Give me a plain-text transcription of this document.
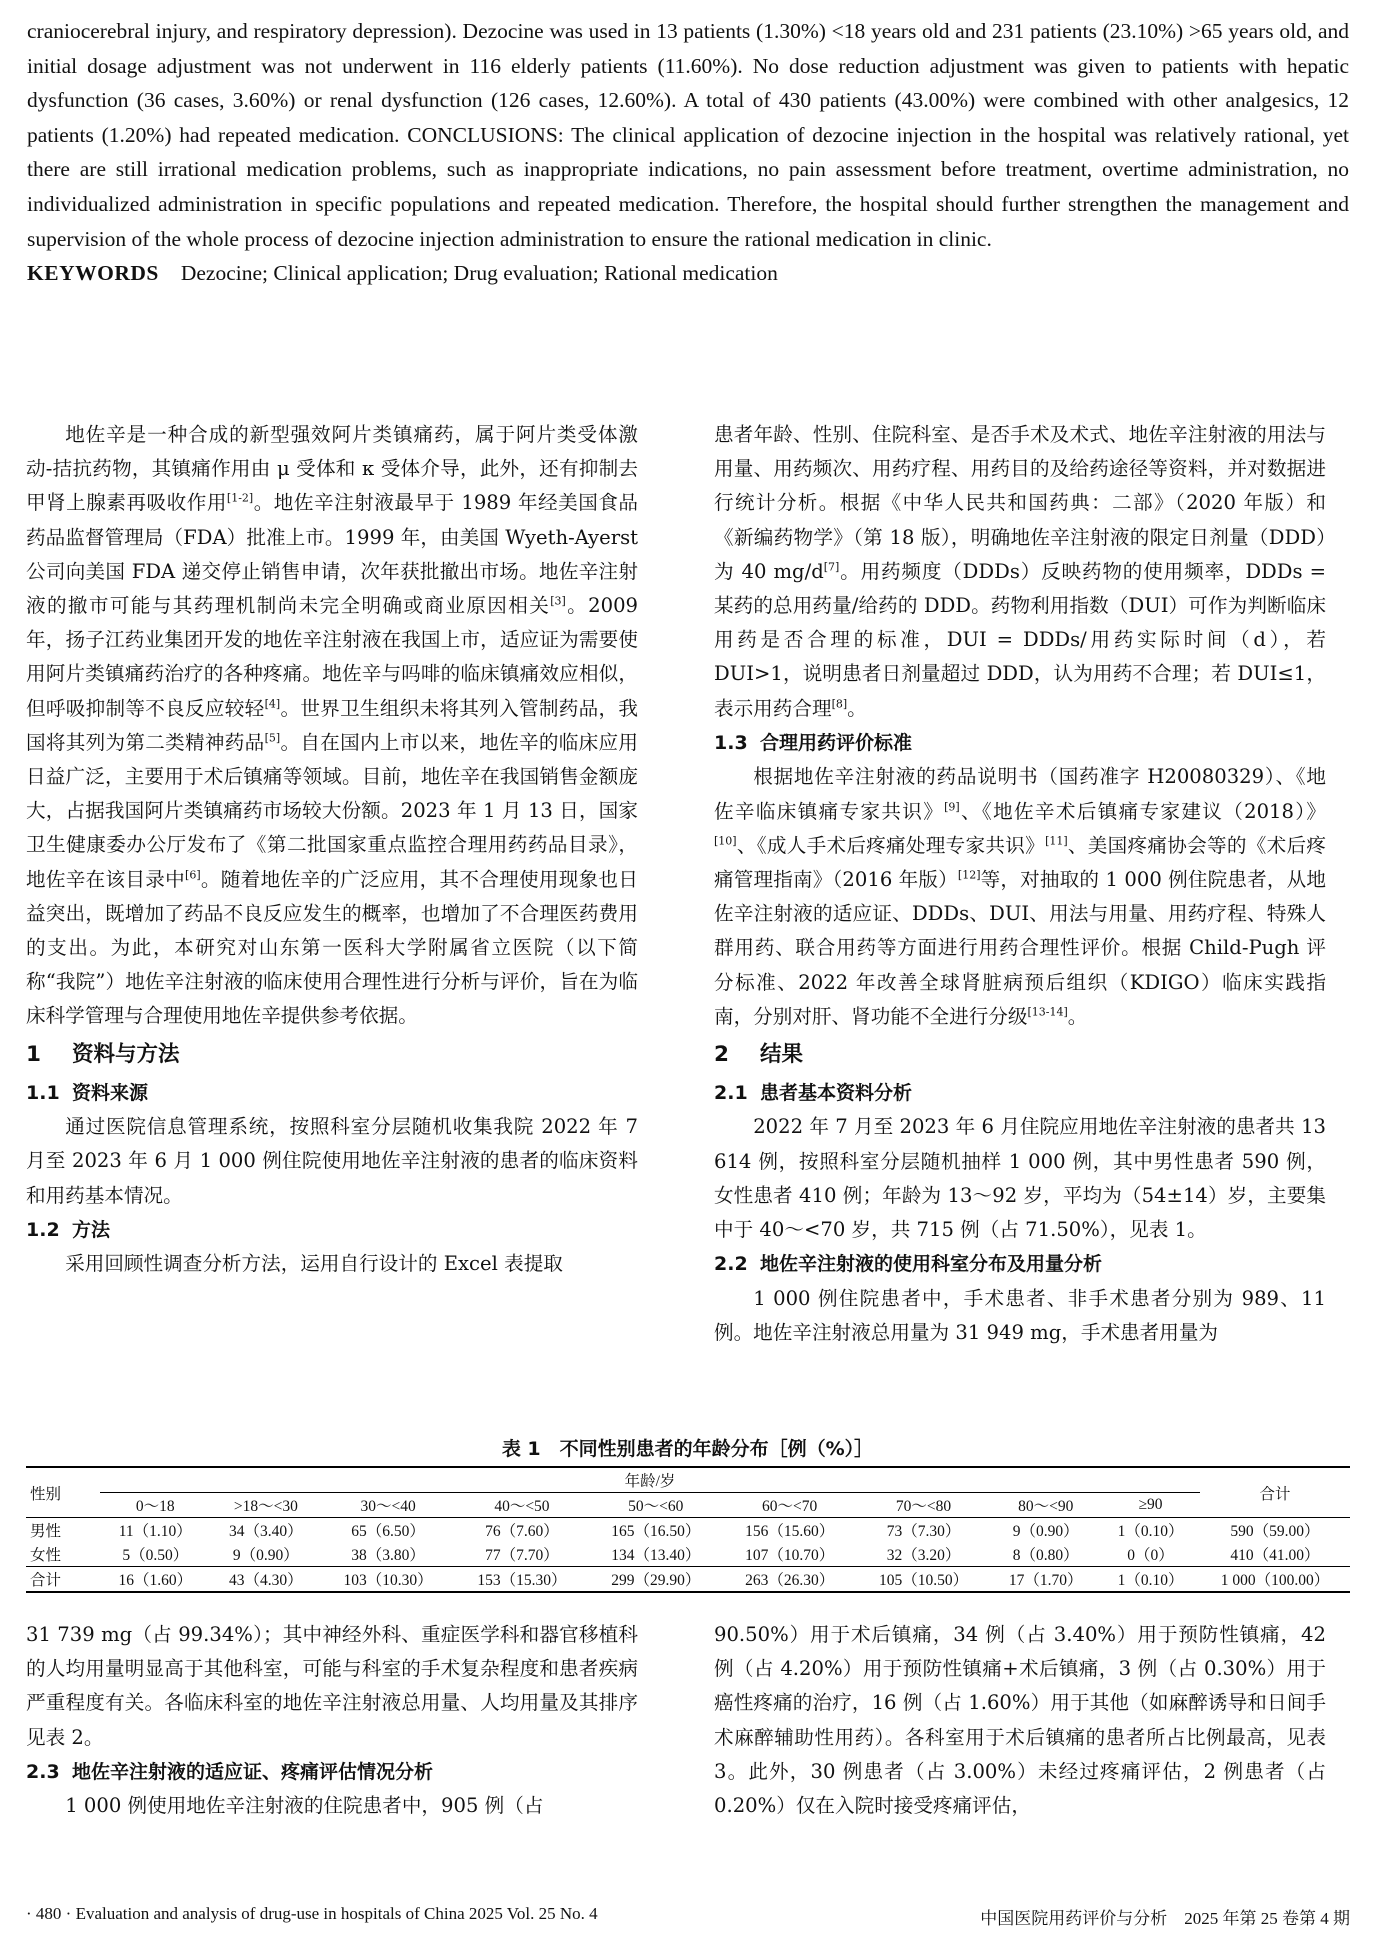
craniocerebral injury, and respiratory depression). Dezocine was used in 13 patients (1.30%) <18 years old and 231 patients (23.10%) >65 years old, and initial dosage adjustment was not underwent in 116 elderly patients (11.60%). No dose reduction adjustment was given to patients with hepatic dysfunction (36 cases, 3.60%) or renal dysfunction (126 cases, 12.60%). A total of 430 patients (43.00%) were combined with other analgesics, 12 patients (1.20%) had repeated medication. CONCLUSIONS: The clinical application of dezocine injection in the hospital was relatively rational, yet there are still irrational medication problems, such as inappropriate indications, no pain assessment before treatment, overtime administration, no individualized administration in specific populations and repeated medication. Therefore, the hospital should further strengthen the management and supervision of the whole process of dezocine injection administration to ensure the rational medication in clinic.

KEYWORDS Dezocine; Clinical application; Drug evaluation; Rational medication

地佐辛是一种合成的新型强效阿片类镇痛药，属于阿片类受体激动-拮抗药物，其镇痛作用由 μ 受体和 κ 受体介导，此外，还有抑制去甲肾上腺素再吸收作用[1-2]。地佐辛注射液最早于 1989 年经美国食品药品监督管理局（FDA）批准上市。1999 年，由美国 Wyeth-Ayerst 公司向美国 FDA 递交停止销售申请，次年获批撤出市场。地佐辛注射液的撤市可能与其药理机制尚未完全明确或商业原因相关[3]。2009 年，扬子江药业集团开发的地佐辛注射液在我国上市，适应证为需要使用阿片类镇痛药治疗的各种疼痛。地佐辛与吗啡的临床镇痛效应相似，但呼吸抑制等不良反应较轻[4]。世界卫生组织未将其列入管制药品，我国将其列为第二类精神药品[5]。自在国内上市以来，地佐辛的临床应用日益广泛，主要用于术后镇痛等领域。目前，地佐辛在我国销售金额庞大，占据我国阿片类镇痛药市场较大份额。2023 年 1 月 13 日，国家卫生健康委办公厅发布了《第二批国家重点监控合理用药药品目录》，地佐辛在该目录中[6]。随着地佐辛的广泛应用，其不合理使用现象也日益突出，既增加了药品不良反应发生的概率，也增加了不合理医药费用的支出。为此，本研究对山东第一医科大学附属省立医院（以下简称“我院”）地佐辛注射液的临床使用合理性进行分析与评价，旨在为临床科学管理与合理使用地佐辛提供参考依据。

1 资料与方法
1.1 资料来源

通过医院信息管理系统，按照科室分层随机收集我院 2022 年 7 月至 2023 年 6 月 1 000 例住院使用地佐辛注射液的患者的临床资料和用药基本情况。

1.2 方法

采用回顾性调查分析方法，运用自行设计的 Excel 表提取

患者年龄、性别、住院科室、是否手术及术式、地佐辛注射液的用法与用量、用药频次、用药疗程、用药目的及给药途径等资料，并对数据进行统计分析。根据《中华人民共和国药典：二部》（2020 年版）和《新编药物学》（第 18 版），明确地佐辛注射液的限定日剂量（DDD）为 40 mg/d[7]。用药频度（DDDs）反映药物的使用频率，DDDs = 某药的总用药量/给药的 DDD。药物利用指数（DUI）可作为判断临床用药是否合理的标准，DUI = DDDs/用药实际时间（d），若 DUI>1，说明患者日剂量超过 DDD，认为用药不合理；若 DUI≤1，表示用药合理[8]。

1.3 合理用药评价标准

根据地佐辛注射液的药品说明书（国药准字 H20080329）、《地佐辛临床镇痛专家共识》[9]、《地佐辛术后镇痛专家建议（2018）》[10]、《成人手术后疼痛处理专家共识》[11]、美国疼痛协会等的《术后疼痛管理指南》（2016 年版）[12]等，对抽取的 1 000 例住院患者，从地佐辛注射液的适应证、DDDs、DUI、用法与用量、用药疗程、特殊人群用药、联合用药等方面进行用药合理性评价。根据 Child-Pugh 评分标准、2022 年改善全球肾脏病预后组织（KDIGO）临床实践指南，分别对肝、肾功能不全进行分级[13-14]。

2 结果
2.1 患者基本资料分析

2022 年 7 月至 2023 年 6 月住院应用地佐辛注射液的患者共 13 614 例，按照科室分层随机抽样 1 000 例，其中男性患者 590 例，女性患者 410 例；年龄为 13～92 岁，平均为（54±14）岁，主要集中于 40～<70 岁，共 715 例（占 71.50%），见表 1。

2.2 地佐辛注射液的使用科室分布及用量分析

1 000 例住院患者中，手术患者、非手术患者分别为 989、11 例。地佐辛注射液总用量为 31 949 mg，手术患者用量为

表 1　不同性别患者的年龄分布［例（%）］
性别	年龄/岁									合计
	0～18	>18～<30	30～<40	40～<50	50～<60	60～<70	70～<80	80～<90	≥90	
男性	11（1.10）	34（3.40）	65（6.50）	76（7.60）	165（16.50）	156（15.60）	73（7.30）	9（0.90）	1（0.10）	590（59.00）
女性	5（0.50）	9（0.90）	38（3.80）	77（7.70）	134（13.40）	107（10.70）	32（3.20）	8（0.80）	0（0）	410（41.00）
合计	16（1.60）	43（4.30）	103（10.30）	153（15.30）	299（29.90）	263（26.30）	105（10.50）	17（1.70）	1（0.10）	1 000（100.00）

31 739 mg（占 99.34%）；其中神经外科、重症医学科和器官移植科的人均用量明显高于其他科室，可能与科室的手术复杂程度和患者疾病严重程度有关。各临床科室的地佐辛注射液总用量、人均用量及其排序见表 2。

2.3 地佐辛注射液的适应证、疼痛评估情况分析

1 000 例使用地佐辛注射液的住院患者中，905 例（占

90.50%）用于术后镇痛，34 例（占 3.40%）用于预防性镇痛，42 例（占 4.20%）用于预防性镇痛+术后镇痛，3 例（占 0.30%）用于癌性疼痛的治疗，16 例（占 1.60%）用于其他（如麻醉诱导和日间手术麻醉辅助性用药）。各科室用于术后镇痛的患者所占比例最高，见表 3。此外，30 例患者（占 3.00%）未经过疼痛评估，2 例患者（占 0.20%）仅在入院时接受疼痛评估，

· 480 · Evaluation and analysis of drug-use in hospitals of China 2025 Vol. 25 No. 4	中国医院用药评价与分析　2025 年第 25 卷第 4 期
